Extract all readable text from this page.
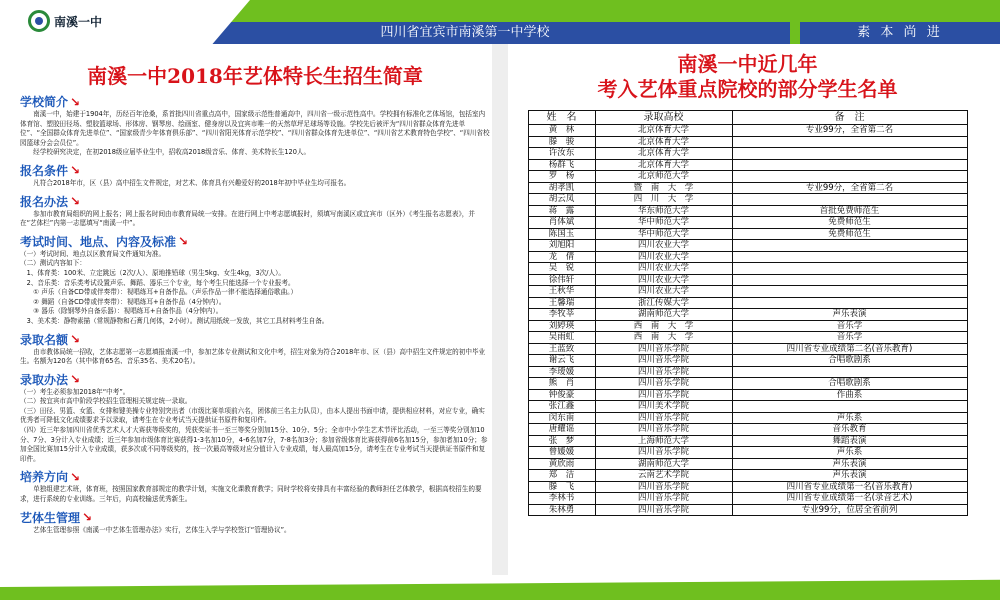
南溪一中
四川省宜宾市南溪第一中学校	素 本 尚 进
南溪一中2018年艺体特长生招生简章
学校简介 ↘

　　南溪一中，始建于1904年，历经百年沧桑，系首批四川省重点高中，国家级示范性普通高中，四川省一级示范性高中。学校拥有标准化艺体场馆，包括室内体育馆、塑胶田径场、塑胶篮球场、形体房、钢琴房、绘画室、健身房以及宜宾市唯一的天然草坪足球场等设施。学校先后被评为“四川省群众体育先进单位”、“全国群众体育先进单位”、“国家级青少年体育俱乐部”、“四川省阳光体育示范学校”、“四川省群众体育先进单位”、“四川省艺术教育特色学校”、“四川省校园篮球分会会员位”。
　　经学校研究决定，在初2018级应届毕业生中，招收高2018级音乐、体育、美术特长生120人。

报名条件 ↘

　　凡符合2018年市，区（县）高中招生文件规定，对艺术、体育具有兴趣爱好的2018年初中毕业生均可报名。

报名办法 ↘

　　参加市教育局组织的网上报名；网上报名时间由市教育局统一安排。在进行网上中考志愿填报时，须填写南溪区或宜宾市（区外）《考生报名志愿表》，并在“艺体栏”内第一志愿填写“南溪一中”。

考试时间、地点、内容及标准 ↘

（一）考试时间、地点以区教育局文件通知为准。
（二）测试内容如下：
　1、体育类：100米、立定跳远（2次/人）、原地推铅球（男生5kg、女生4kg，3次/人）。
　2、音乐类：音乐类考试设置声乐、舞蹈、器乐三个专业，每个考生只能选择一个专业报考。
　　① 声乐（自备CD带或伴奏带）：视唱练耳+自备作品。（声乐作品一律不能选择通俗歌曲。）
　　② 舞蹈（自备CD带或伴奏带）：视唱练耳+自备作品（4分钟内）。
　　③ 器乐（除钢琴外自备乐器）：视唱练耳+自备作品（4分钟内）。
　3、美术类：静物素描（常规静物和石膏几何体，2小时）。测试用纸统一发放，其它工具材料考生自备。

录取名额 ↘

　　由市教体局统一招收，艺体志愿第一志愿填报南溪一中，参加艺体专业测试和文化中考，招生对象为符合2018年市、区（县）高中招生文件规定的初中毕业生。名额为120名（其中体育65名、音乐35名、美术20名）。

录取办法 ↘

（一）考生必须参加2018年“中考”。
（二）按宜宾市高中阶段学校招生管理相关规定统一录取。
（三）田径、男篮、女篮、女排和键美操专业特别突出者（市级比赛单项前六名，团体前三名主力队员），由本人提出书面申请，提供相应材料，对应专业，确实优秀者可降低文化成绩要求予以录取，请考生在专业考试当天提供证书原件和复印件。
（四）近三年参加四川省优秀艺术人才大赛获等级奖的，凭获奖证书一至三等奖分别加15分、10分、5分；全市中小学生艺术节评比活动，一至三等奖分别加10分、7分、3分计入专业成绩；近三年参加市级体育比赛获得1-3名加10分，4-6名加7分，7-8名加3分；参加省级体育比赛获得前6名加15分，参加者加10分；参加全国比赛加15分计入专业成绩，获多次或不同等级奖的，按一次最高等级对应分值计入专业成绩，每人最高加15分，请考生在专业考试当天提供证书原件和复印件。

培养方向 ↘

　　单独组建艺术班，体育班，按照国家教育部规定的教学计划，实施文化课教育教学；同时学校将安排具有丰富经验的教师担任艺体教学，根据高校招生的要求，进行系统的专业训练。三年后，向高校输送优秀新生。

艺体生管理 ↘

　　艺体生管理参照《南溪一中艺体生管理办法》实行，艺体生入学与学校签订“管理协议”。

南溪一中近几年
考入艺体重点院校的部分学生名单
姓　名	录取高校	备　注
黄　林	北京体育大学	专业99分，全省第二名
滕　骏	北京体育大学	
许汝东	北京体育大学	
杨群飞	北京体育大学	
罗　杨	北京师范大学	
胡孝凯	暨　南　大　学	专业99分，全省第二名
胡云凤	四　川　大　学	
蒋　露	华东师范大学	首批免费师范生
肖体斌	华中师范大学	免费师范生
陈国玉	华中师范大学	免费师范生
刘旭阳	四川农业大学	
龙　倩	四川农业大学	
吴　锐	四川农业大学	
徐伟轩	四川农业大学	
王秋华	四川农业大学	
王馨瑞	浙江传媒大学	
李牧莘	湖南师范大学	声乐表演
刘婷瑛	西　南　大　学	音乐学
吴雨虹	西　南　大　学	音乐学
王蓝致	四川音乐学院	四川省专业成绩第二名(音乐教育)
谢云飞	四川音乐学院	合唱歌剧系
李瑷媛	四川音乐学院	
熊　肖	四川音乐学院	合唱歌剧系
钟俊豪	四川音乐学院	作曲系
张江鑫	四川美术学院	
闵东南	四川音乐学院	声乐系
唐耀谣	四川音乐学院	音乐教育
张　梦	上海师范大学	舞蹈表演
曾媛媛	四川音乐学院	声乐系
黄欣雨	湖南师范大学	声乐表演
郑　洁	云南艺术学院	声乐表演
滕　飞	四川音乐学院	四川省专业成绩第一名(音乐教育)
李林书	四川音乐学院	四川省专业成绩第一名(录音艺术)
朱林勇	四川音乐学院	专业99分，位居全省前列
